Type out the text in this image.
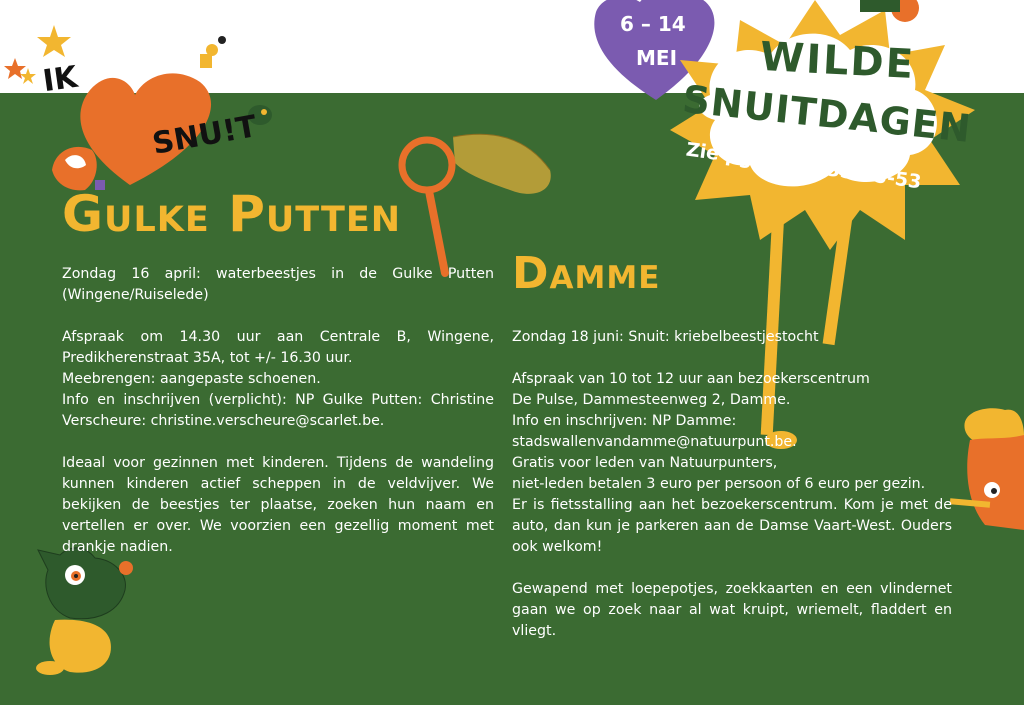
IK
SNU!T
6 – 14
MEI WILDE
SNUITDAGEN
Zie pg 17-21-35-45-53
Gulke Putten
Damme

Zondag 16 april: waterbeestjes in de Gulke Putten (Wingene/Ruiselede)

Afspraak om 14.30 uur aan Centrale B, Wingene, Predikherenstraat 35A, tot +/- 16.30 uur.

Meebrengen: aangepaste schoenen.

Info en inschrijven (verplicht): NP Gulke Putten: Christine Verscheure: christine.verscheure@scarlet.be.

Ideaal voor gezinnen met kinderen. Tijdens de wandeling kunnen kinderen actief scheppen in de veldvijver. We bekijken de beestjes ter plaatse, zoeken hun naam en vertellen er over. We voorzien een gezellig moment met drankje nadien.

Zondag 18 juni: Snuit: kriebelbeestjestocht

Afspraak van 10 tot 12 uur aan bezoekerscentrum

De Pulse, Dammesteenweg 2, Damme.

Info en inschrijven: NP Damme:

stadswallenvandamme@natuurpunt.be.

Gratis voor leden van Natuurpunters,

niet-leden betalen 3 euro per persoon of 6 euro per gezin.

Er is fietsstalling aan het bezoekerscentrum. Kom je met de auto, dan kun je parkeren aan de Damse Vaart-West. Ouders ook welkom!

Gewapend met loepepotjes, zoekkaarten en een vlindernet gaan we op zoek naar al wat kruipt, wriemelt, fladdert en vliegt.
